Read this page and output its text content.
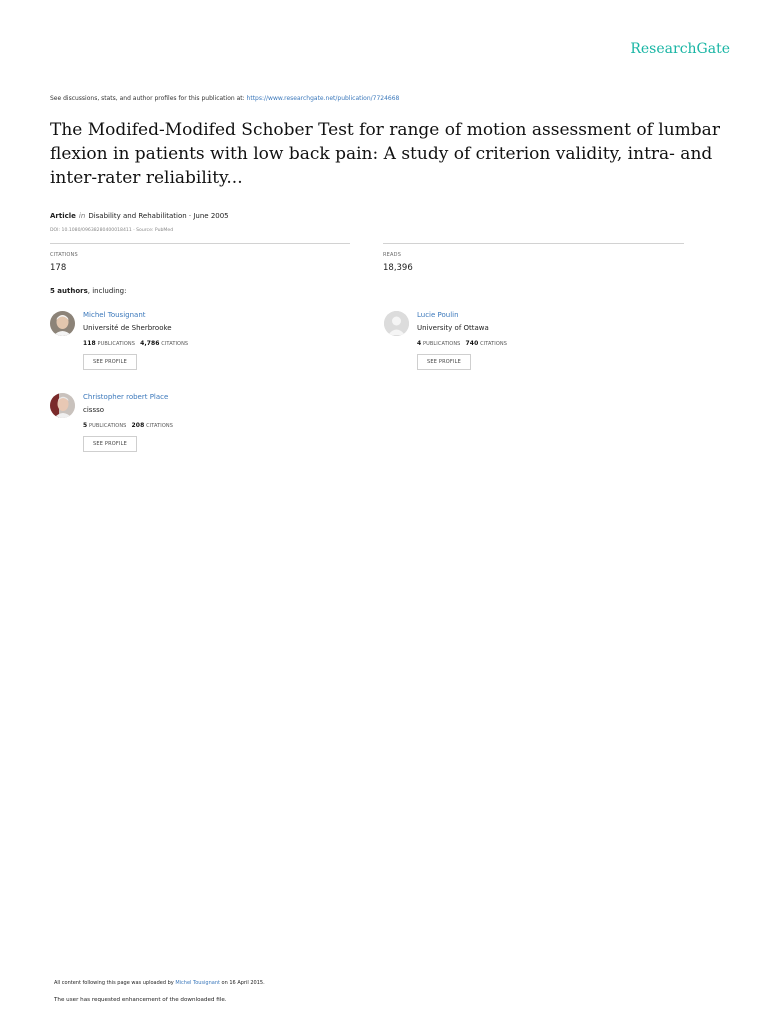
ResearchGate
See discussions, stats, and author profiles for this publication at: https://www.researchgate.net/publication/7724668
The Modifed-Modifed Schober Test for range of motion assessment of lumbar flexion in patients with low back pain: A study of criterion validity, intra- and inter-rater reliability...
Article in Disability and Rehabilitation · June 2005
DOI: 10.1080/09638280400018411 · Source: PubMed
CITATIONS
178
READS
18,396
5 authors, including:
Michel Tousignant
Université de Sherbrooke
118 PUBLICATIONS 4,786 CITATIONS
SEE PROFILE
Lucie Poulin
University of Ottawa
4 PUBLICATIONS 740 CITATIONS
SEE PROFILE
Christopher robert Place
cissso
5 PUBLICATIONS 208 CITATIONS
SEE PROFILE
All content following this page was uploaded by Michel Tousignant on 16 April 2015.
The user has requested enhancement of the downloaded file.
